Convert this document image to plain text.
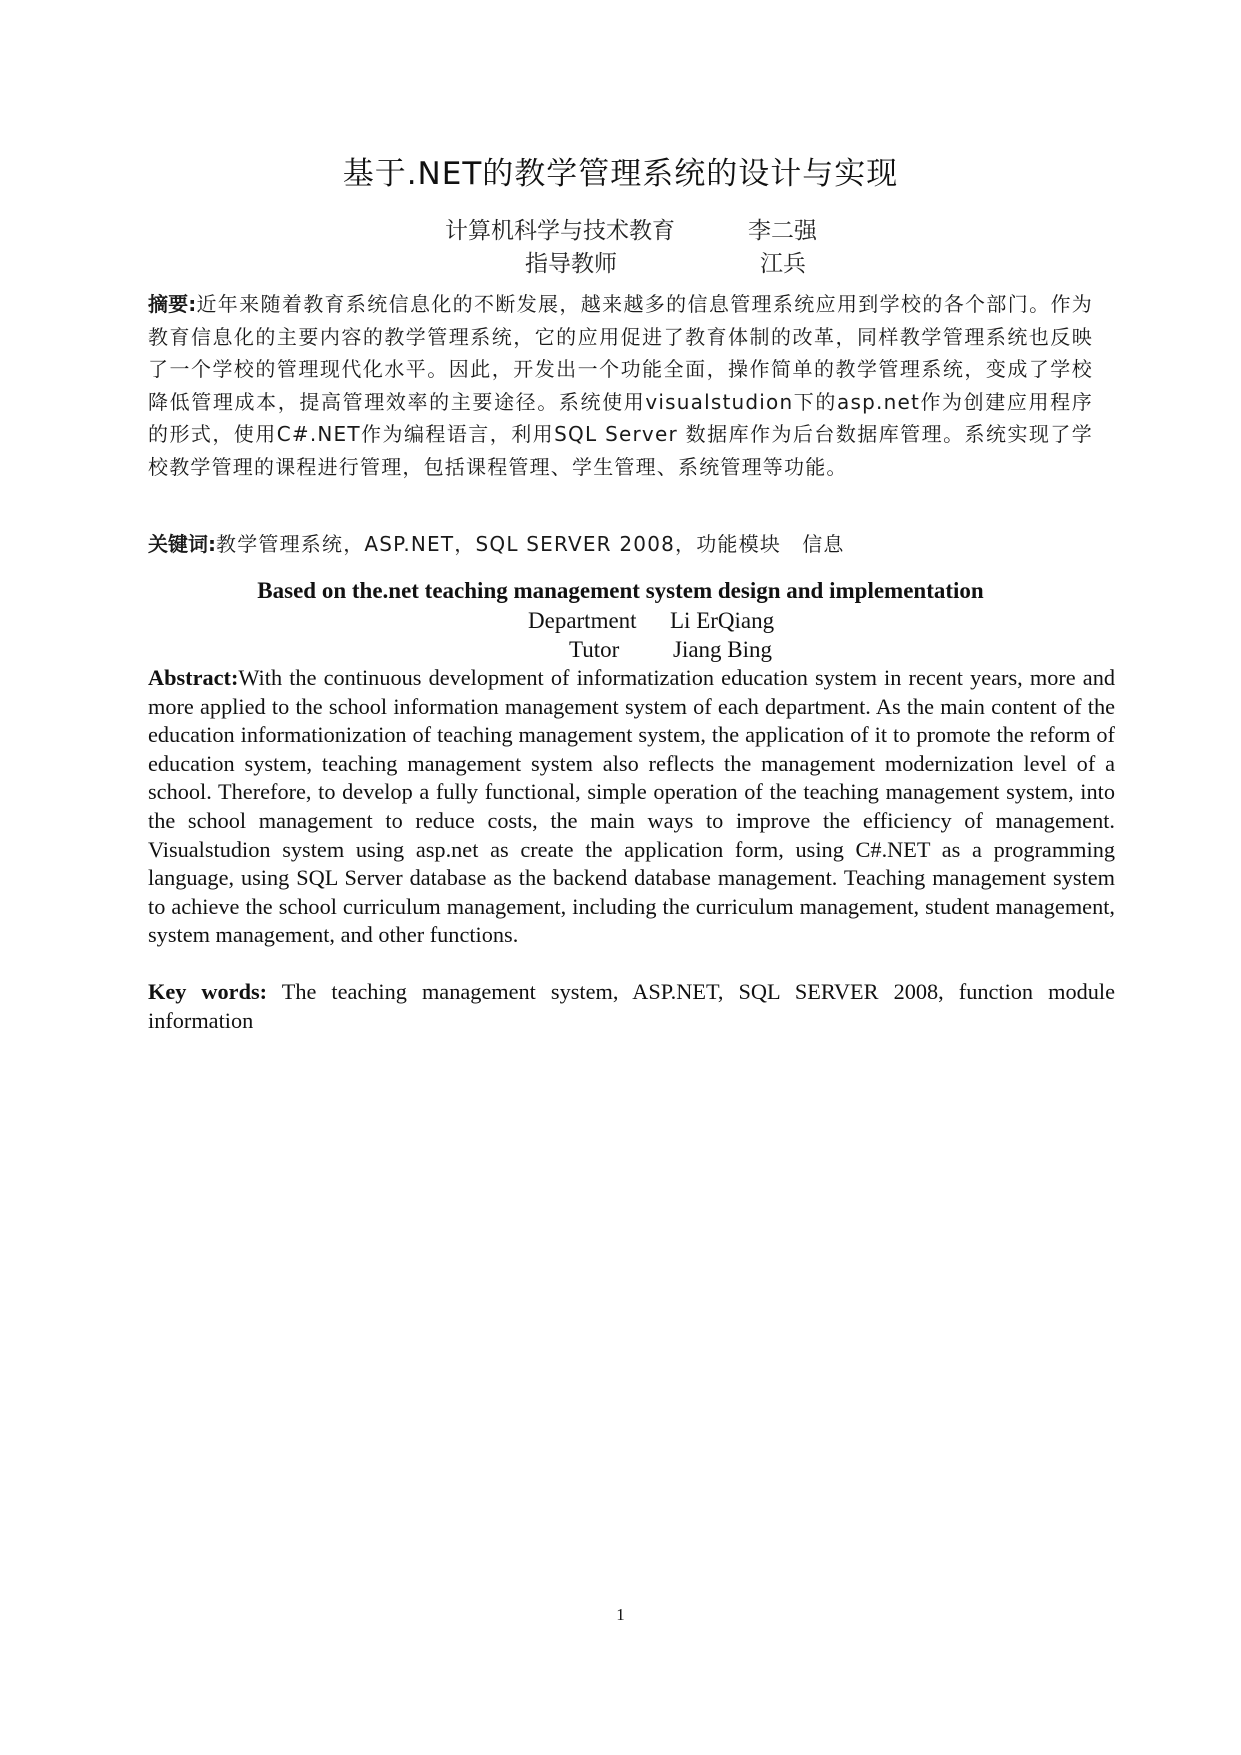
基于.NET的教学管理系统的设计与实现
计算机科学与技术教育	李二强
指导教师	江兵
摘要:近年来随着教育系统信息化的不断发展，越来越多的信息管理系统应用到学校的各个部门。作为教育信息化的主要内容的教学管理系统，它的应用促进了教育体制的改革，同样教学管理系统也反映了一个学校的管理现代化水平。因此，开发出一个功能全面，操作简单的教学管理系统，变成了学校降低管理成本，提高管理效率的主要途径。系统使用visualstudion下的asp.net作为创建应用程序的形式，使用C#.NET作为编程语言，利用SQL Server 数据库作为后台数据库管理。系统实现了学校教学管理的课程进行管理，包括课程管理、学生管理、系统管理等功能。
关键词:教学管理系统，ASP.NET，SQL SERVER 2008，功能模块　信息
Based on the.net teaching management system design and implementation
Department Li ErQiang
Tutor Jiang Bing
Abstract:With the continuous development of informatization education system in recent years, more and more applied to the school information management system of each department. As the main content of the education informationization of teaching management system, the application of it to promote the reform of education system, teaching management system also reflects the management modernization level of a school. Therefore, to develop a fully functional, simple operation of the teaching management system, into the school management to reduce costs, the main ways to improve the efficiency of management. Visualstudion system using asp.net as create the application form, using C#.NET as a programming language, using SQL Server database as the backend database management. Teaching management system to achieve the school curriculum management, including the curriculum management, student management, system management, and other functions.
Key words: The teaching management system, ASP.NET, SQL SERVER 2008, function module information
1
